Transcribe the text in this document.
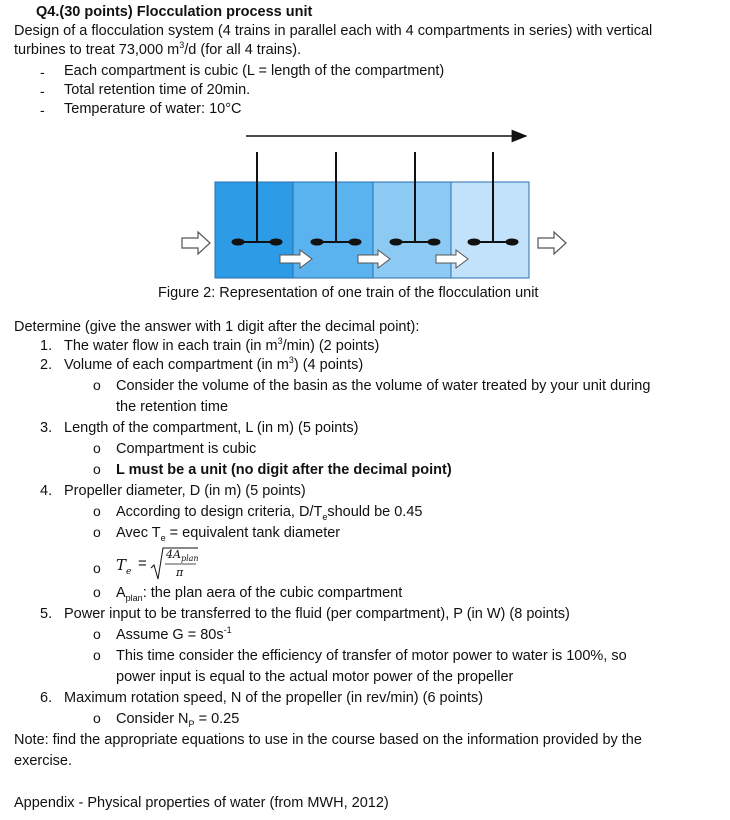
Q4.(30 points) Flocculation process unit
Design of a flocculation system (4 trains in parallel each with 4 compartments in series) with vertical
turbines to treat 73,000 $m^3/d$ (for all 4 trains).
- Each compartment is cubic (L = length of the compartment)
- Total retention time of 20min.
- Temperature of water: 10°C
Figure 2: Representation of one train of the flocculation unit
Determine (give the answer with 1 digit after the decimal point):
1. The water flow in each train (in $m^3/\min$) (2 points)
2. Volume of each compartment (in $m^3$) (4 points)
o Consider the volume of the basin as the volume of water treated by your unit during
the retention time
3. Length of the compartment, L (in m) (5 points)
o Compartment is cubic
o L must be a unit (no digit after the decimal point)
4. Propeller diameter, D (in m) (5 points)
o According to design criteria, $D/T_eshould$ be 0.45
o Avec $T_e$ = equivalent tank diameter
o $T_e$ =
$4A_{plan}$
π
o $A_{plan}$: the plan aera of the cubic compartment
5. Power input to be transferred to the fluid (per compartment), P (in W) (8 points)
o Assume $G = 80s^{-1}$
o This time consider the efficiency of transfer of motor power to water is 100%, so
power input is equal to the actual motor power of the propeller
6. Maximum rotation speed, N of the propeller (in rev/min) (6 points)
o Consider $N_P = 0.25$
Note: find the appropriate equations to use in the course based on the information provided by the
exercise.
Appendix - Physical properties of water (from MWH, 2012)
